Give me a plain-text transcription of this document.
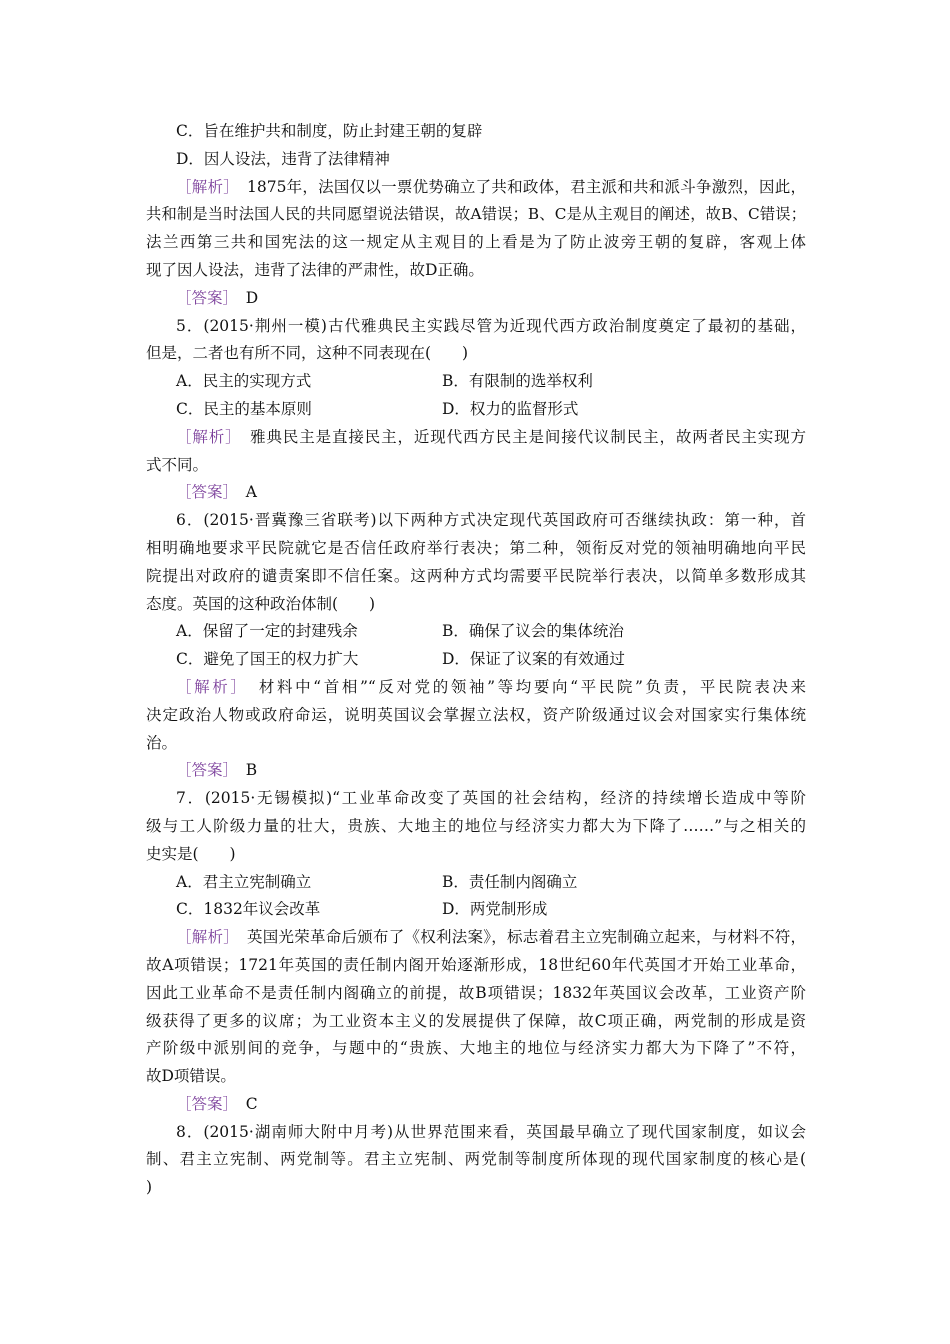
C．旨在维护共和制度，防止封建王朝的复辟
D．因人设法，违背了法律精神
［解析］　1875年，法国仅以一票优势确立了共和政体，君主派和共和派斗争激烈，因此，
共和制是当时法国人民的共同愿望说法错误，故A错误；B、C是从主观目的阐述，故B、C错误；
法兰西第三共和国宪法的这一规定从主观目的上看是为了防止波旁王朝的复辟，客观上体
现了因人设法，违背了法律的严肃性，故D正确。
［答案］　D
5．(2015·荆州一模)古代雅典民主实践尽管为近现代西方政治制度奠定了最初的基础，
但是，二者也有所不同，这种不同表现在(　　)
A．民主的实现方式	B．有限制的选举权利
C．民主的基本原则	D．权力的监督形式
［解析］　雅典民主是直接民主，近现代西方民主是间接代议制民主，故两者民主实现方
式不同。
［答案］　A
6．(2015·晋冀豫三省联考)以下两种方式决定现代英国政府可否继续执政：第一种，首
相明确地要求平民院就它是否信任政府举行表决；第二种，领衔反对党的领袖明确地向平民
院提出对政府的谴责案即不信任案。这两种方式均需要平民院举行表决，以简单多数形成其
态度。英国的这种政治体制(　　)
A．保留了一定的封建残余	B．确保了议会的集体统治
C．避免了国王的权力扩大	D．保证了议案的有效通过
［解析］　材料中“首相”“反对党的领袖”等均要向“平民院”负责，平民院表决来
决定政治人物或政府命运，说明英国议会掌握立法权，资产阶级通过议会对国家实行集体统
治。
［答案］　B
7．(2015·无锡模拟)“工业革命改变了英国的社会结构，经济的持续增长造成中等阶
级与工人阶级力量的壮大，贵族、大地主的地位与经济实力都大为下降了……”与之相关的
史实是(　　)
A．君主立宪制确立	B．责任制内阁确立
C．1832年议会改革	D．两党制形成
［解析］　英国光荣革命后颁布了《权利法案》，标志着君主立宪制确立起来，与材料不符，
故A项错误；1721年英国的责任制内阁开始逐渐形成，18世纪60年代英国才开始工业革命，
因此工业革命不是责任制内阁确立的前提，故B项错误；1832年英国议会改革，工业资产阶
级获得了更多的议席；为工业资本主义的发展提供了保障，故C项正确，两党制的形成是资
产阶级中派别间的竞争，与题中的“贵族、大地主的地位与经济实力都大为下降了”不符，
故D项错误。
［答案］　C
8．(2015·湖南师大附中月考)从世界范围来看，英国最早确立了现代国家制度，如议会
制、君主立宪制、两党制等。君主立宪制、两党制等制度所体现的现代国家制度的核心是(
)
